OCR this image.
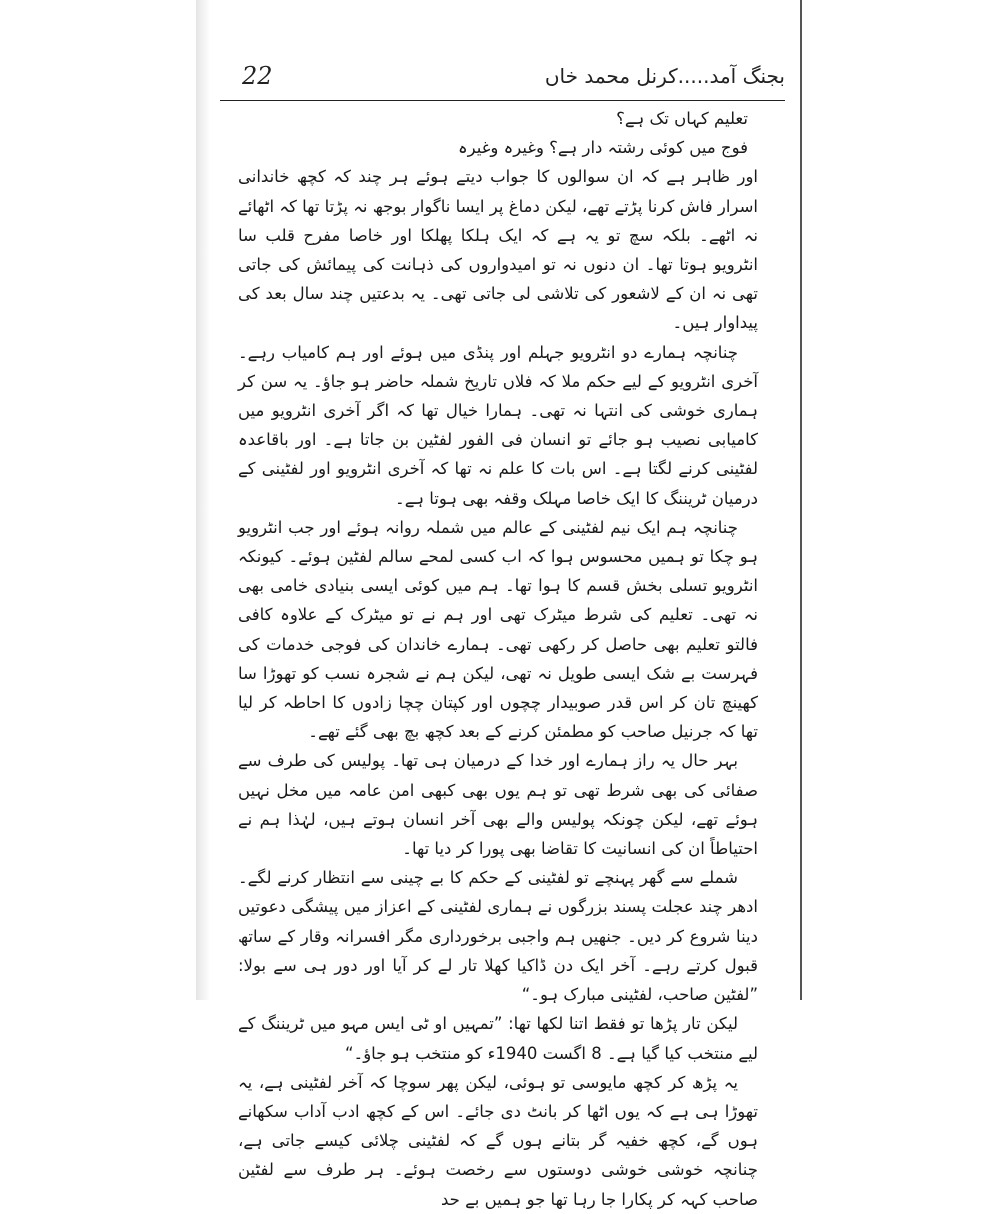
22	بجنگ آمد.....کرنل محمد خاں

تعلیم کہاں تک ہے؟

فوج میں کوئی رشتہ دار ہے؟ وغیرہ وغیرہ

اور ظاہر ہے کہ ان سوالوں کا جواب دیتے ہوئے ہر چند کہ کچھ خاندانی اسرار فاش کرنا پڑتے تھے، لیکن دماغ پر ایسا ناگوار بوجھ نہ پڑتا تھا کہ اٹھائے نہ اٹھے۔ بلکہ سچ تو یہ ہے کہ ایک ہلکا پھلکا اور خاصا مفرح قلب سا انٹرویو ہوتا تھا۔ ان دنوں نہ تو امیدواروں کی ذہانت کی پیمائش کی جاتی تھی نہ ان کے لاشعور کی تلاشی لی جاتی تھی۔ یہ بدعتیں چند سال بعد کی پیداوار ہیں۔

چنانچہ ہمارے دو انٹرویو جہلم اور پنڈی میں ہوئے اور ہم کامیاب رہے۔ آخری انٹرویو کے لیے حکم ملا کہ فلاں تاریخ شملہ حاضر ہو جاؤ۔ یہ سن کر ہماری خوشی کی انتہا نہ تھی۔ ہمارا خیال تھا کہ اگر آخری انٹرویو میں کامیابی نصیب ہو جائے تو انسان فی الفور لفٹین بن جاتا ہے۔ اور باقاعدہ لفٹینی کرنے لگتا ہے۔ اس بات کا علم نہ تھا کہ آخری انٹرویو اور لفٹینی کے درمیان ٹریننگ کا ایک خاصا مہلک وقفہ بھی ہوتا ہے۔

چنانچہ ہم ایک نیم لفٹینی کے عالم میں شملہ روانہ ہوئے اور جب انٹرویو ہو چکا تو ہمیں محسوس ہوا کہ اب کسی لمحے سالم لفٹین ہوئے۔ کیونکہ انٹرویو تسلی بخش قسم کا ہوا تھا۔ ہم میں کوئی ایسی بنیادی خامی بھی نہ تھی۔ تعلیم کی شرط میٹرک تھی اور ہم نے تو میٹرک کے علاوہ کافی فالتو تعلیم بھی حاصل کر رکھی تھی۔ ہمارے خاندان کی فوجی خدمات کی فہرست بے شک ایسی طویل نہ تھی، لیکن ہم نے شجرہ نسب کو تھوڑا سا کھینچ تان کر اس قدر صوبیدار چچوں اور کپتان چچا زادوں کا احاطہ کر لیا تھا کہ جرنیل صاحب کو مطمئن کرنے کے بعد کچھ بچ بھی گئے تھے۔

بہر حال یہ راز ہمارے اور خدا کے درمیان ہی تھا۔ پولیس کی طرف سے صفائی کی بھی شرط تھی تو ہم یوں بھی کبھی امن عامہ میں مخل نہیں ہوئے تھے، لیکن چونکہ پولیس والے بھی آخر انسان ہوتے ہیں، لہٰذا ہم نے احتیاطاً ان کی انسانیت کا تقاضا بھی پورا کر دیا تھا۔

شملے سے گھر پہنچے تو لفٹینی کے حکم کا بے چینی سے انتظار کرنے لگے۔ ادھر چند عجلت پسند بزرگوں نے ہماری لفٹینی کے اعزاز میں پیشگی دعوتیں دینا شروع کر دیں۔ جنھیں ہم واجبی برخورداری مگر افسرانہ وقار کے ساتھ قبول کرتے رہے۔ آخر ایک دن ڈاکیا کھلا تار لے کر آیا اور دور ہی سے بولا: ”لفٹین صاحب، لفٹینی مبارک ہو۔“

لیکن تار پڑھا تو فقط اتنا لکھا تھا: ”تمہیں او ٹی ایس مہو میں ٹریننگ کے لیے منتخب کیا گیا ہے۔ 8 اگست 1940ء کو منتخب ہو جاؤ۔“

یہ پڑھ کر کچھ مایوسی تو ہوئی، لیکن پھر سوچا کہ آخر لفٹینی ہے، یہ تھوڑا ہی ہے کہ یوں اٹھا کر بانٹ دی جائے۔ اس کے کچھ ادب آداب سکھانے ہوں گے، کچھ خفیہ گر بتانے ہوں گے کہ لفٹینی چلائی کیسے جاتی ہے، چنانچہ خوشی خوشی دوستوں سے رخصت ہوئے۔ ہر طرف سے لفٹین صاحب کہہ کر پکارا جا رہا تھا جو ہمیں بے حد
